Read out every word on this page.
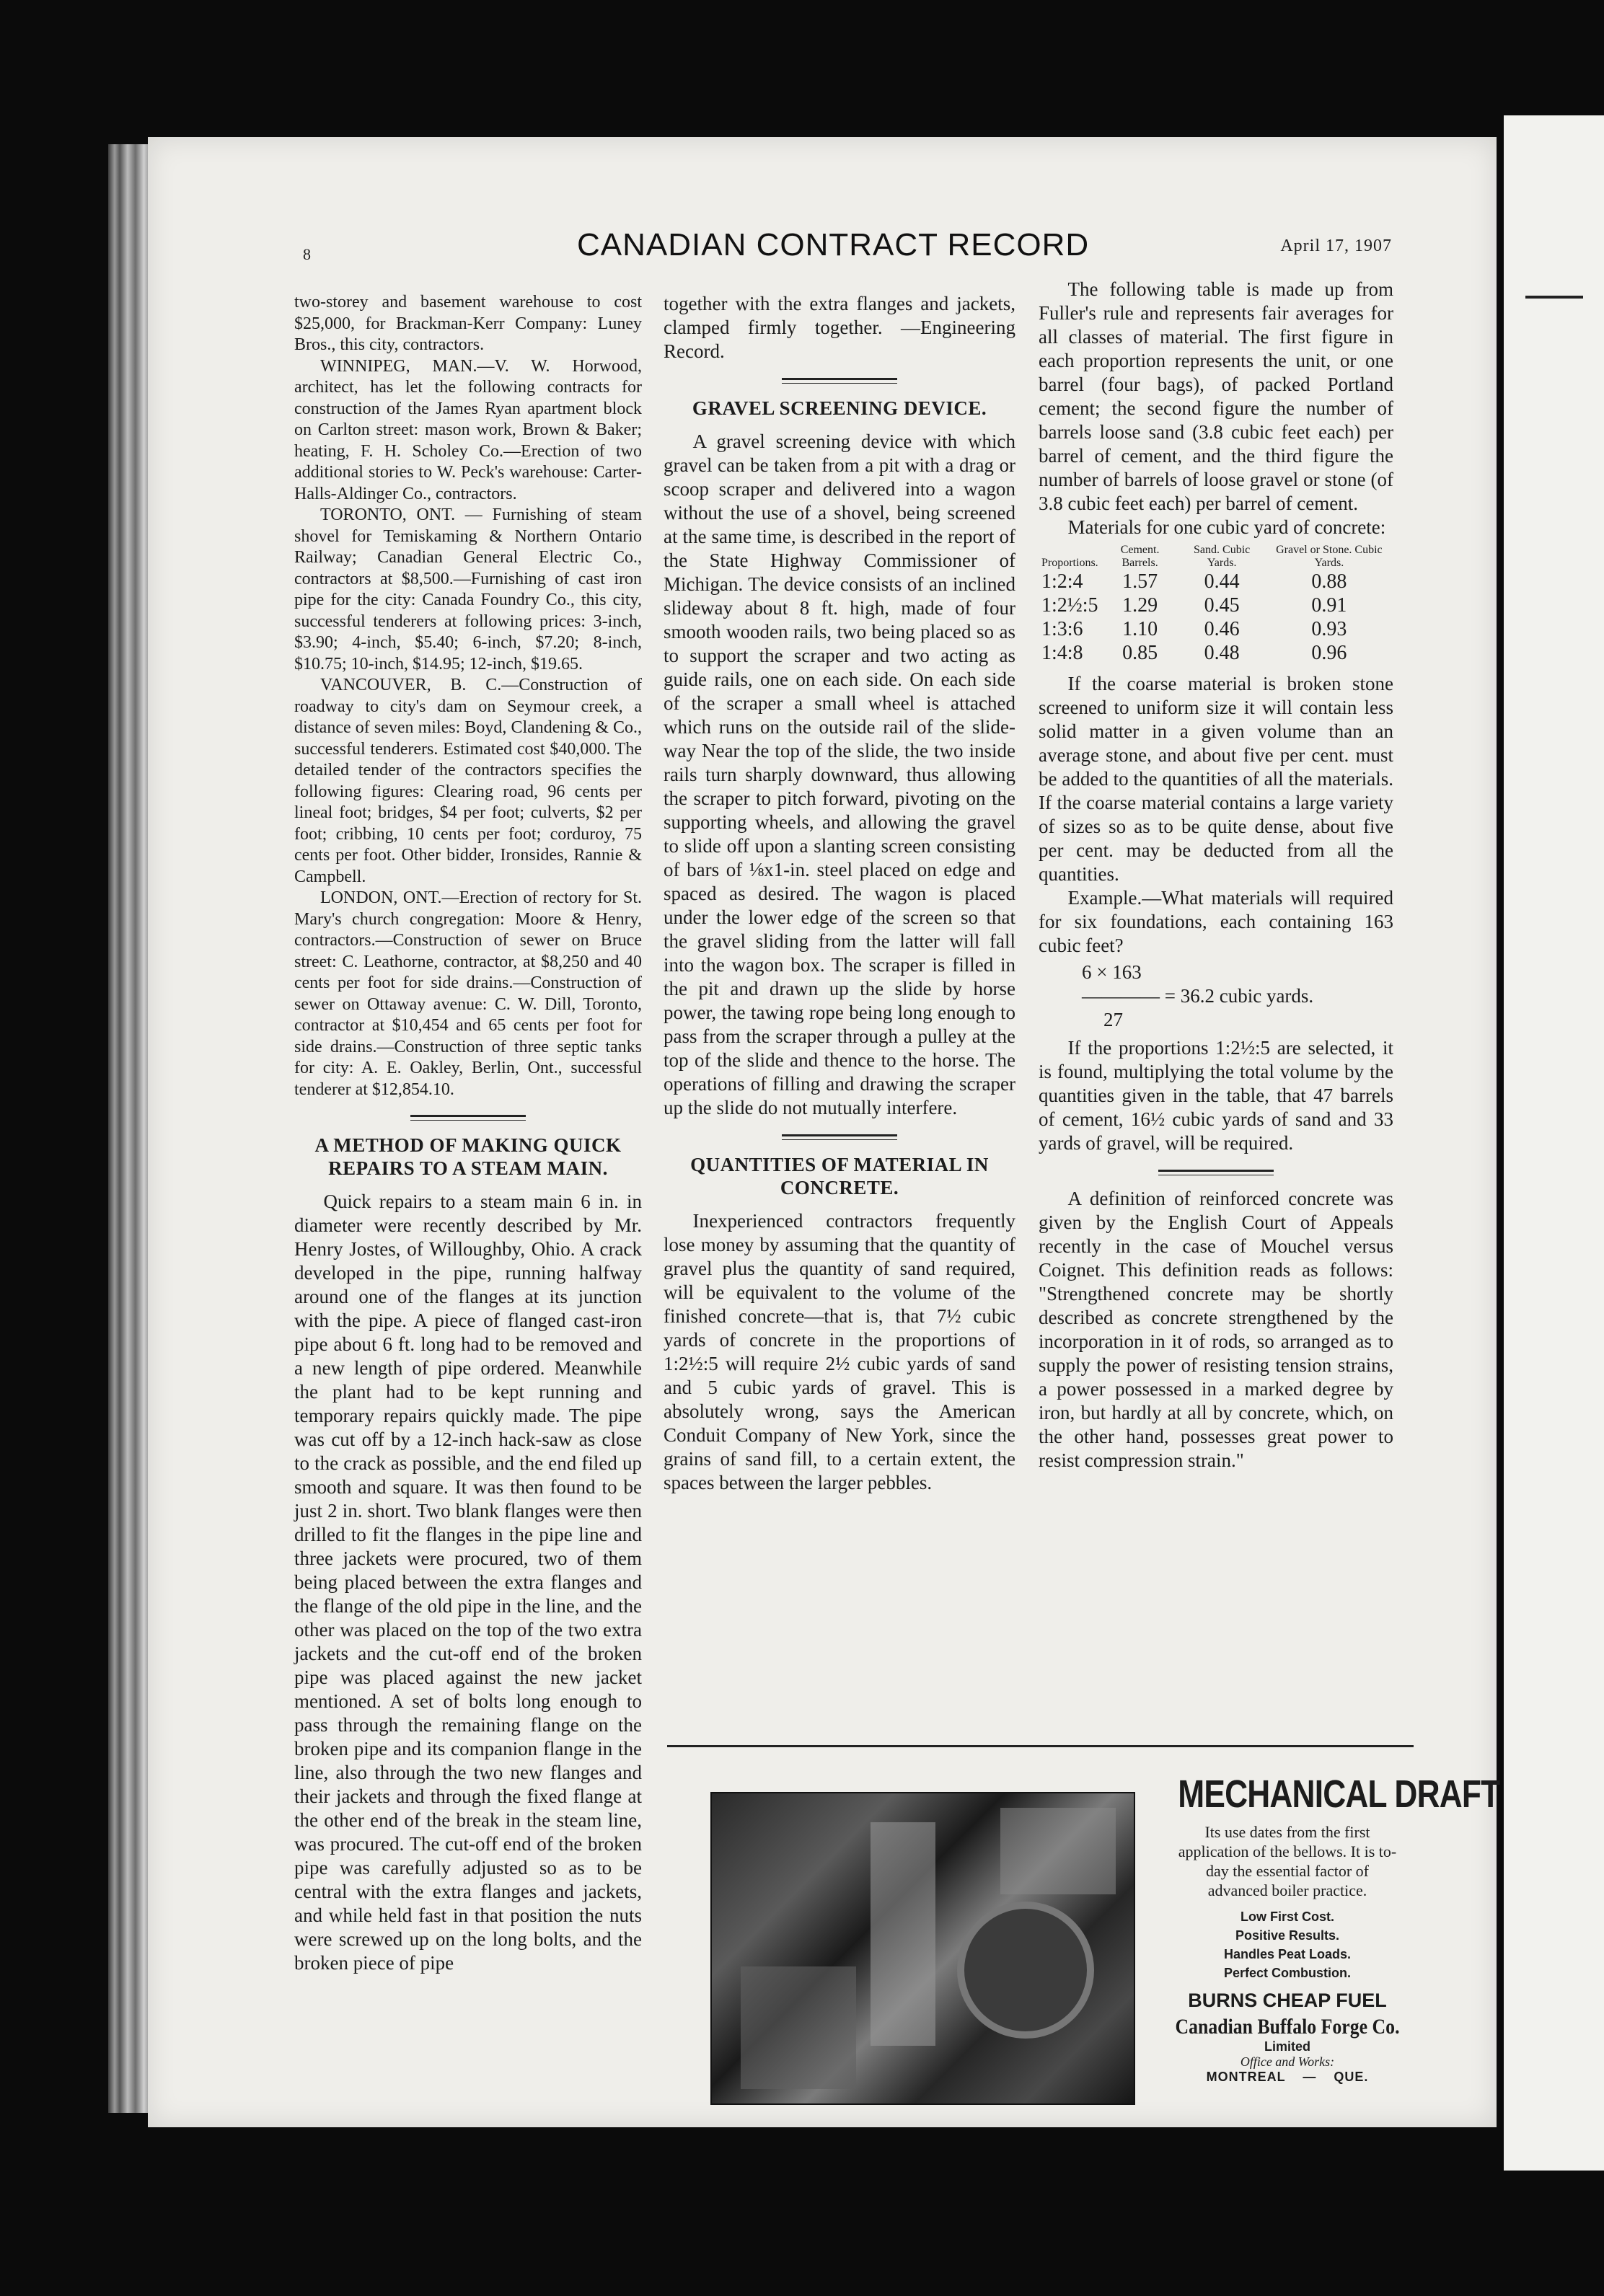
8	CANADIAN CONTRACT RECORD	April 17, 1907

two-storey and basement warehouse to cost $25,000, for Brackman-Kerr Company: Luney Bros., this city, contractors.

WINNIPEG, MAN.—V. W. Horwood, architect, has let the following contracts for construction of the James Ryan apartment block on Carlton street: mason work, Brown & Baker; heating, F. H. Scholey Co.—Erection of two additional stories to W. Peck's warehouse: Carter-Halls-Aldinger Co., contractors.

TORONTO, ONT. — Furnishing of steam shovel for Temiskaming & Northern Ontario Railway; Canadian General Electric Co., contractors at $8,500.—Furnishing of cast iron pipe for the city: Canada Foundry Co., this city, successful tenderers at following prices: 3-inch, $3.90; 4-inch, $5.40; 6-inch, $7.20; 8-inch, $10.75; 10-inch, $14.95; 12-inch, $19.65.

VANCOUVER, B. C.—Construction of roadway to city's dam on Seymour creek, a distance of seven miles: Boyd, Clandening & Co., successful tenderers. Estimated cost $40,000. The detailed tender of the contractors specifies the following figures: Clearing road, 96 cents per lineal foot; bridges, $4 per foot; culverts, $2 per foot; cribbing, 10 cents per foot; corduroy, 75 cents per foot. Other bidder, Ironsides, Rannie & Campbell.

LONDON, ONT.—Erection of rectory for St. Mary's church congregation: Moore & Henry, contractors.—Construction of sewer on Bruce street: C. Leathorne, contractor, at $8,250 and 40 cents per foot for side drains.—Construction of sewer on Ottaway avenue: C. W. Dill, Toronto, contractor at $10,454 and 65 cents per foot for side drains.—Construction of three septic tanks for city: A. E. Oakley, Berlin, Ont., successful tenderer at $12,854.10.

A METHOD OF MAKING QUICK REPAIRS TO A STEAM MAIN.

Quick repairs to a steam main 6 in. in diameter were recently described by Mr. Henry Jostes, of Willoughby, Ohio. A crack developed in the pipe, running halfway around one of the flanges at its junction with the pipe. A piece of flanged cast-iron pipe about 6 ft. long had to be removed and a new length of pipe ordered. Meanwhile the plant had to be kept running and temporary repairs quickly made. The pipe was cut off by a 12-inch hack-saw as close to the crack as possible, and the end filed up smooth and square. It was then found to be just 2 in. short. Two blank flanges were then drilled to fit the flanges in the pipe line and three jackets were procured, two of them being placed between the extra flanges and the flange of the old pipe in the line, and the other was placed on the top of the two extra jackets and the cut-off end of the broken pipe was placed against the new jacket mentioned. A set of bolts long enough to pass through the remaining flange on the broken pipe and its companion flange in the line, also through the two new flanges and their jackets and through the fixed flange at the other end of the break in the steam line, was procured. The cut-off end of the broken pipe was carefully adjusted so as to be central with the extra flanges and jackets, and while held fast in that position the nuts were screwed up on the long bolts, and the broken piece of pipe

together with the extra flanges and jackets, clamped firmly together. —Engineering Record.

GRAVEL SCREENING DEVICE.

A gravel screening device with which gravel can be taken from a pit with a drag or scoop scraper and delivered into a wagon without the use of a shovel, being screened at the same time, is described in the report of the State Highway Commissioner of Michigan. The device consists of an inclined slideway about 8 ft. high, made of four smooth wooden rails, two being placed so as to support the scraper and two acting as guide rails, one on each side. On each side of the scraper a small wheel is attached which runs on the outside rail of the slide-way Near the top of the slide, the two inside rails turn sharply downward, thus allowing the scraper to pitch forward, pivoting on the supporting wheels, and allowing the gravel to slide off upon a slanting screen consisting of bars of ⅛x1-in. steel placed on edge and spaced as desired. The wagon is placed under the lower edge of the screen so that the gravel sliding from the latter will fall into the wagon box. The scraper is filled in the pit and drawn up the slide by horse power, the tawing rope being long enough to pass from the scraper through a pulley at the top of the slide and thence to the horse. The operations of filling and drawing the scraper up the slide do not mutually interfere.

QUANTITIES OF MATERIAL IN CONCRETE.

Inexperienced contractors frequently lose money by assuming that the quantity of gravel plus the quantity of sand required, will be equivalent to the volume of the finished concrete—that is, that 7½ cubic yards of concrete in the proportions of 1:2½:5 will require 2½ cubic yards of sand and 5 cubic yards of gravel. This is absolutely wrong, says the American Conduit Company of New York, since the grains of sand fill, to a certain extent, the spaces between the larger pebbles.

The following table is made up from Fuller's rule and represents fair averages for all classes of material. The first figure in each proportion represents the unit, or one barrel (four bags), of packed Portland cement; the second figure the number of barrels loose sand (3.8 cubic feet each) per barrel of cement, and the third figure the number of barrels of loose gravel or stone (of 3.8 cubic feet each) per barrel of cement.

Materials for one cubic yard of concrete:

Proportions.	Cement. Barrels.	Sand. Cubic Yards.	Gravel or Stone. Cubic Yards.
1:2:4	1.57	0.44	0.88
1:2½:5	1.29	0.45	0.91
1:3:6	1.10	0.46	0.93
1:4:8	0.85	0.48	0.96

If the coarse material is broken stone screened to uniform size it will contain less solid matter in a given volume than an average stone, and about five per cent. must be added to the quantities of all the materials. If the coarse material contains a large variety of sizes so as to be quite dense, about five per cent. may be deducted from all the quantities.

Example.—What materials will required for six foundations, each containing 163 cubic feet?

6 × 163
———— = 36.2 cubic yards.
27

If the proportions 1:2½:5 are selected, it is found, multiplying the total volume by the quantities given in the table, that 47 barrels of cement, 16½ cubic yards of sand and 33 yards of gravel, will be required.

A definition of reinforced concrete was given by the English Court of Appeals recently in the case of Mouchel versus Coignet. This definition reads as follows: "Strengthened concrete may be shortly described as concrete strengthened by the incorporation in it of rods, so arranged as to supply the power of resisting tension strains, a power possessed in a marked degree by iron, but hardly at all by concrete, which, on the other hand, possesses great power to resist compression strain."

MECHANICAL DRAFT
Its use dates from the first application of the bellows. It is to-day the essential factor of advanced boiler practice.
Low First Cost.
Positive Results.
Handles Peat Loads.
Perfect Combustion.
BURNS CHEAP FUEL
Canadian Buffalo Forge Co.
Limited
Office and Works:
MONTREAL — QUE.
